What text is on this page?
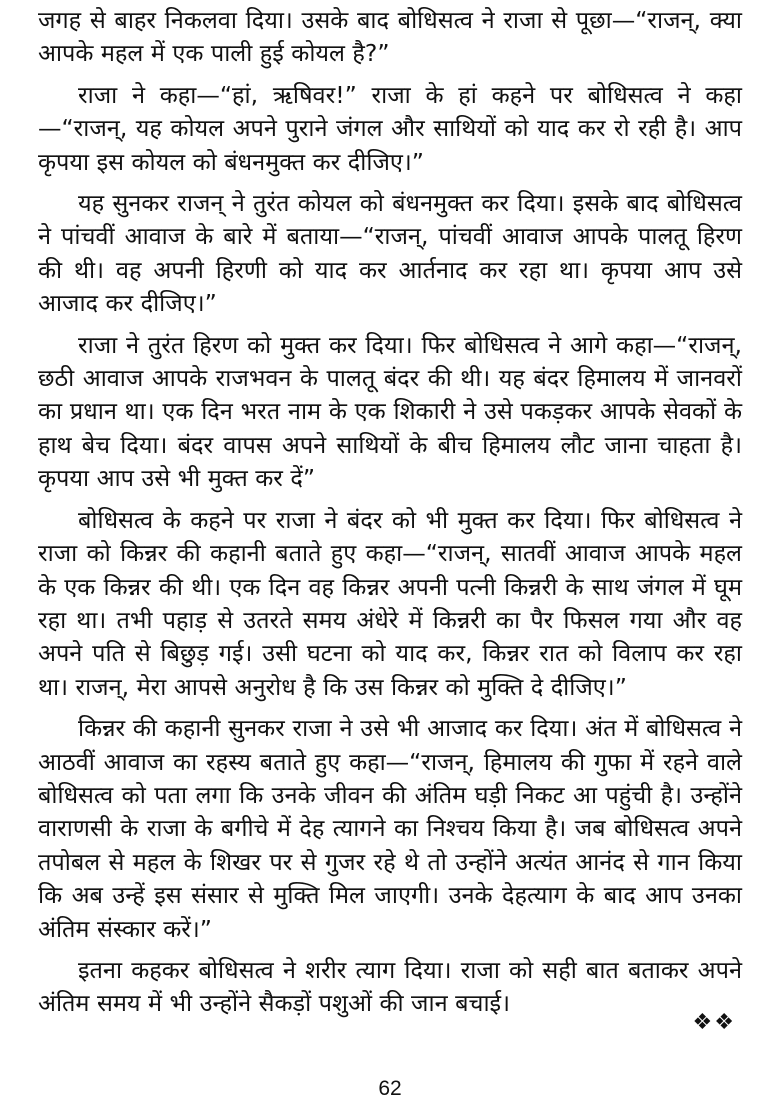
जगह से बाहर निकलवा दिया। उसके बाद बोधिसत्व ने राजा से पूछा—“राजन्, क्या आपके महल में एक पाली हुई कोयल है?”

राजा ने कहा—“हां, ऋषिवर!” राजा के हां कहने पर बोधिसत्व ने कहा—“राजन्, यह कोयल अपने पुराने जंगल और साथियों को याद कर रो रही है। आप कृपया इस कोयल को बंधनमुक्त कर दीजिए।”

यह सुनकर राजन् ने तुरंत कोयल को बंधनमुक्त कर दिया। इसके बाद बोधिसत्व ने पांचवीं आवाज के बारे में बताया—“राजन्, पांचवीं आवाज आपके पालतू हिरण की थी। वह अपनी हिरणी को याद कर आर्तनाद कर रहा था। कृपया आप उसे आजाद कर दीजिए।”

राजा ने तुरंत हिरण को मुक्त कर दिया। फिर बोधिसत्व ने आगे कहा—“राजन्, छठी आवाज आपके राजभवन के पालतू बंदर की थी। यह बंदर हिमालय में जानवरों का प्रधान था। एक दिन भरत नाम के एक शिकारी ने उसे पकड़कर आपके सेवकों के हाथ बेच दिया। बंदर वापस अपने साथियों के बीच हिमालय लौट जाना चाहता है। कृपया आप उसे भी मुक्त कर दें”

बोधिसत्व के कहने पर राजा ने बंदर को भी मुक्त कर दिया। फिर बोधिसत्व ने राजा को किन्नर की कहानी बताते हुए कहा—“राजन्, सातवीं आवाज आपके महल के एक किन्नर की थी। एक दिन वह किन्नर अपनी पत्नी किन्नरी के साथ जंगल में घूम रहा था। तभी पहाड़ से उतरते समय अंधेरे में किन्नरी का पैर फिसल गया और वह अपने पति से बिछुड़ गई। उसी घटना को याद कर, किन्नर रात को विलाप कर रहा था। राजन्, मेरा आपसे अनुरोध है कि उस किन्नर को मुक्ति दे दीजिए।”

किन्नर की कहानी सुनकर राजा ने उसे भी आजाद कर दिया। अंत में बोधिसत्व ने आठवीं आवाज का रहस्य बताते हुए कहा—“राजन्, हिमालय की गुफा में रहने वाले बोधिसत्व को पता लगा कि उनके जीवन की अंतिम घड़ी निकट आ पहुंची है। उन्होंने वाराणसी के राजा के बगीचे में देह त्यागने का निश्चय किया है। जब बोधिसत्व अपने तपोबल से महल के शिखर पर से गुजर रहे थे तो उन्होंने अत्यंत आनंद से गान किया कि अब उन्हें इस संसार से मुक्ति मिल जाएगी। उनके देहत्याग के बाद आप उनका अंतिम संस्कार करें।”

इतना कहकर बोधिसत्व ने शरीर त्याग दिया। राजा को सही बात बताकर अपने अंतिम समय में भी उन्होंने सैकड़ों पशुओं की जान बचाई।

❖❖
62
